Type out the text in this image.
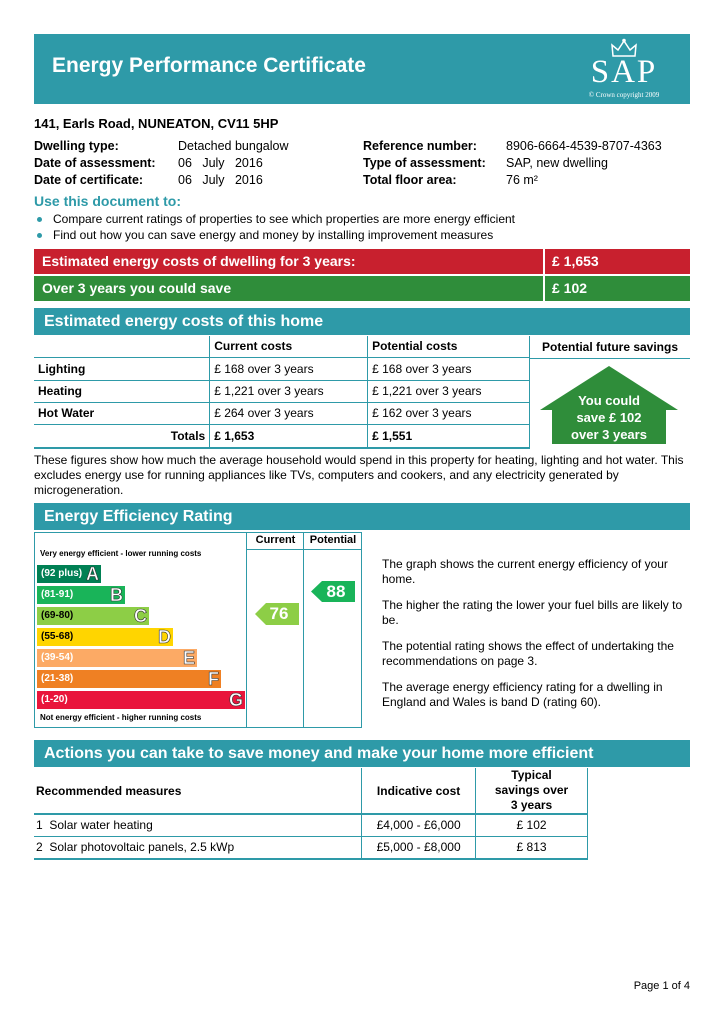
Energy Performance Certificate	SAP
© Crown copyright 2009
141, Earls Road, NUNEATON, CV11 5HP
Dwelling type:	Detached bungalow
Date of assessment: 06   July   2016
Date of certificate:	06   July   2016
Reference number: 8906-6664-4539-8707-4363
Type of assessment: SAP, new dwelling
Total floor area:	76 m²
Use this document to:
Compare current ratings of properties to see which properties are more energy efficient
Find out how you can save energy and money by installing improvement measures
Estimated energy costs of dwelling for 3 years:	£ 1,653
Over 3 years you could save	£ 102
Estimated energy costs of this home
	Current costs	Potential costs
Lighting	£ 168 over 3 years	£ 168 over 3 years
Heating	£ 1,221 over 3 years	£ 1,221 over 3 years
Hot Water	£ 264 over 3 years	£ 162 over 3 years
Totals	£ 1,653	£ 1,551
Potential future savings
You could
save £ 102
over 3 years
These figures show how much the average household would spend in this property for heating, lighting and hot water. This excludes energy use for running appliances like TVs, computers and cookers, and any electricity generated by microgeneration.
Energy Efficiency Rating
Current	Potential
Very energy efficient - lower running costs
(92 plus) A
(81-91) B
(69-80)	C
(55-68)	D
(39-54)	E
(21-38)	F
(1-20)	G
Not energy efficient - higher running costs
76
88
The graph shows the current energy efficiency of your home.
The higher the rating the lower your fuel bills are likely to be.
The potential rating shows the effect of undertaking the recommendations on page 3.
The average energy efficiency rating for a dwelling in England and Wales is band D (rating 60).
Actions you can take to save money and make your home more efficient
Recommended measures	Indicative cost	Typical savings over 3 years
1 Solar water heating	£4,000 - £6,000	£ 102
2 Solar photovoltaic panels, 2.5 kWp	£5,000 - £8,000	£ 813
Page 1 of 4
